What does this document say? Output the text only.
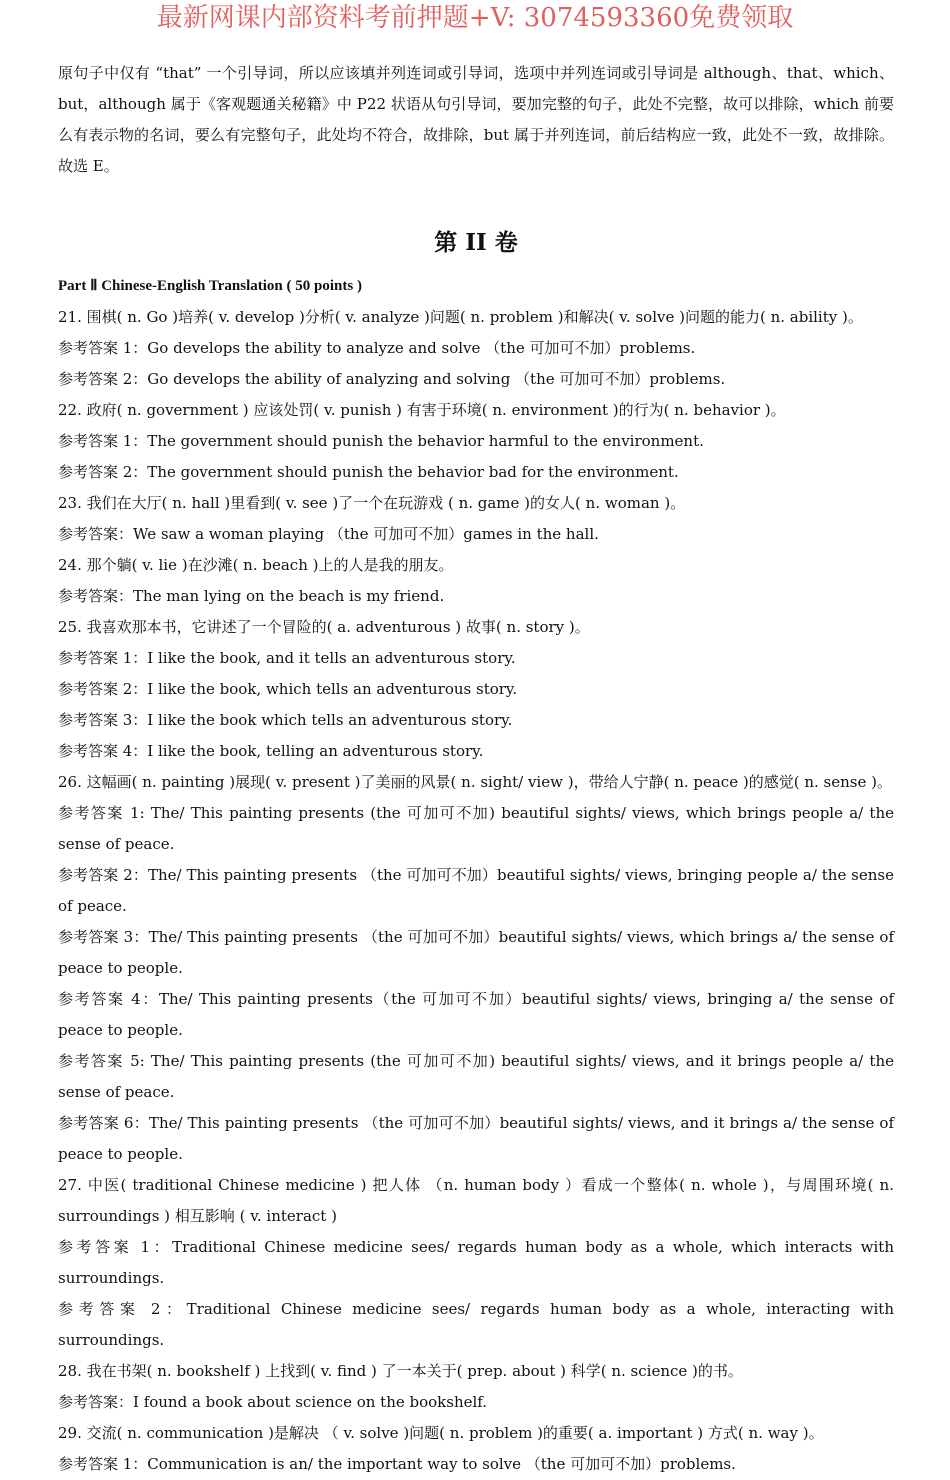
最新网课内部资料考前押题+V: 3074593360免费领取

原句子中仅有 “that” 一个引导词，所以应该填并列连词或引导词，选项中并列连词或引导词是 although、that、which、but，although 属于《客观题通关秘籍》中 P22 状语从句引导词，要加完整的句子，此处不完整，故可以排除，which 前要么有表示物的名词，要么有完整句子，此处均不符合，故排除，but 属于并列连词，前后结构应一致，此处不一致，故排除。故选 E。

第 II 卷

Part Ⅱ Chinese-English Translation ( 50 points )

21. 围棋( n. Go )培养( v. develop )分析( v. analyze )问题( n. problem )和解决( v. solve )问题的能力( n. ability )。

参考答案 1：Go develops the ability to analyze and solve （the 可加可不加）problems.

参考答案 2：Go develops the ability of analyzing and solving （the 可加可不加）problems.

22. 政府( n. government ) 应该处罚( v. punish ) 有害于环境( n. environment )的行为( n. behavior )。

参考答案 1：The government should punish the behavior harmful to the environment.

参考答案 2：The government should punish the behavior bad for the environment.

23. 我们在大厅( n. hall )里看到( v. see )了一个在玩游戏 ( n. game )的女人( n. woman )。

参考答案：We saw a woman playing （the 可加可不加）games in the hall.

24. 那个躺( v. lie )在沙滩( n. beach )上的人是我的朋友。

参考答案：The man lying on the beach is my friend.

25. 我喜欢那本书，它讲述了一个冒险的( a. adventurous ) 故事( n. story )。

参考答案 1：I like the book, and it tells an adventurous story.

参考答案 2：I like the book, which tells an adventurous story.

参考答案 3：I like the book which tells an adventurous story.

参考答案 4：I like the book, telling an adventurous story.

26. 这幅画( n. painting )展现( v. present )了美丽的风景( n. sight/ view )，带给人宁静( n. peace )的感觉( n. sense )。

参考答案 1: The/ This painting presents (the 可加可不加) beautiful sights/ views, which brings people a/ the sense of peace.

参考答案 2：The/ This painting presents （the 可加可不加）beautiful sights/ views, bringing people a/ the sense of peace.

参考答案 3：The/ This painting presents （the 可加可不加）beautiful sights/ views, which brings a/ the sense of peace to people.

参考答案 4：The/ This painting presents（the 可加可不加）beautiful sights/ views, bringing a/ the sense of peace to people.

参考答案 5: The/ This painting presents (the 可加可不加) beautiful sights/ views, and it brings people a/ the sense of peace.

参考答案 6：The/ This painting presents （the 可加可不加）beautiful sights/ views, and it brings a/ the sense of peace to people.

27. 中医( traditional Chinese medicine ) 把人体 （n. human body ）看成一个整体( n. whole )，与周围环境( n. surroundings ) 相互影响 ( v. interact )

参考答案 1：Traditional Chinese medicine sees/ regards human body as a whole, which interacts with surroundings.

参考答案 2：Traditional Chinese medicine sees/ regards human body as a whole, interacting with surroundings.

28. 我在书架( n. bookshelf ) 上找到( v. find ) 了一本关于( prep. about ) 科学( n. science )的书。

参考答案：I found a book about science on the bookshelf.

29. 交流( n. communication )是解决 （ v. solve )问题( n. problem )的重要( a. important ) 方式( n. way )。

参考答案 1：Communication is an/ the important way to solve （the 可加可不加）problems.
